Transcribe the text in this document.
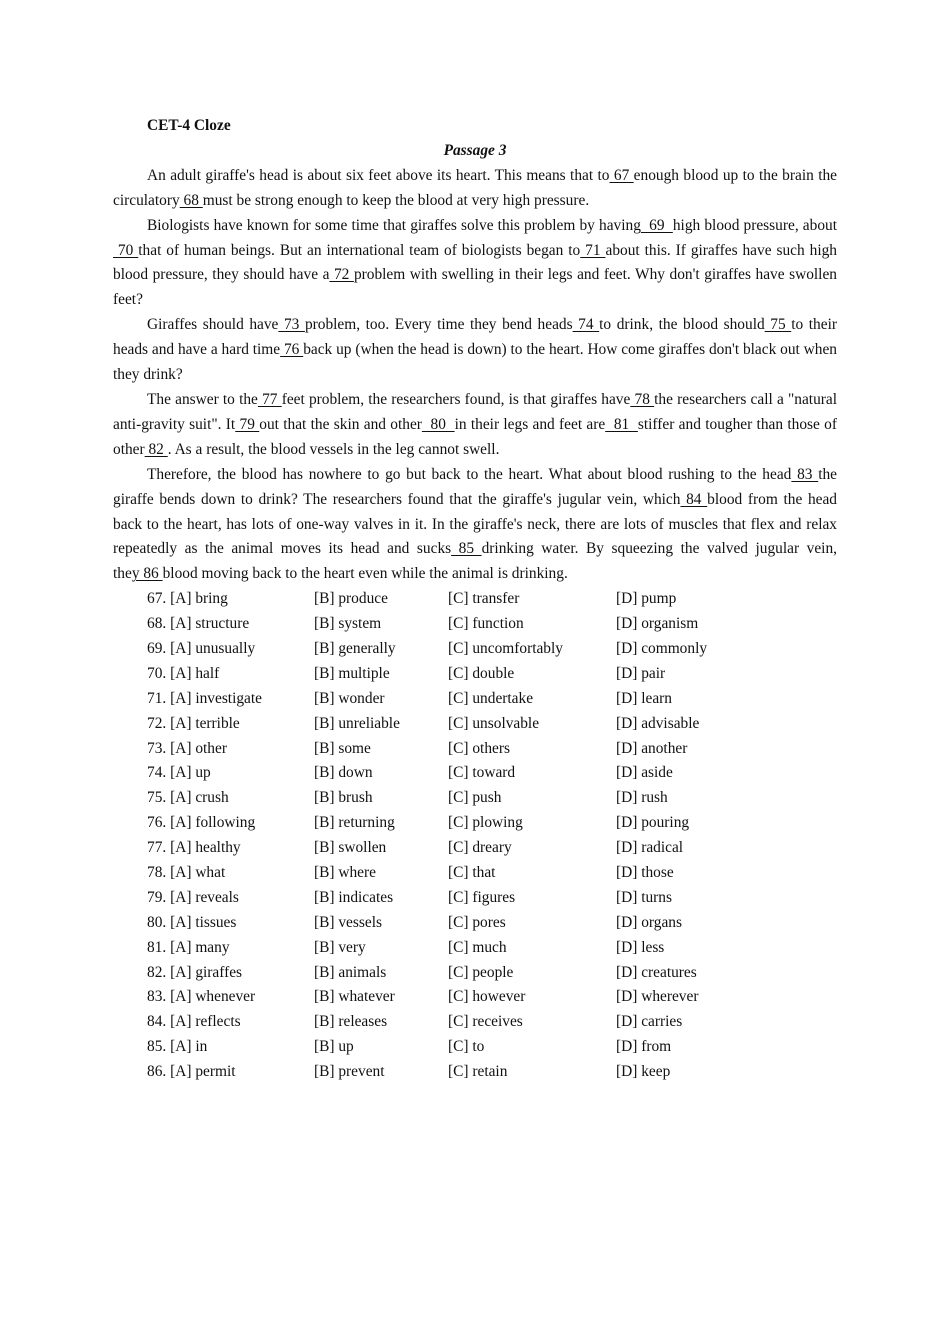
CET-4 Cloze
Passage 3

An adult giraffe's head is about six feet above its heart. This means that to 67 enough blood up to the brain the circulatory 68 must be strong enough to keep the blood at very high pressure.

Biologists have known for some time that giraffes solve this problem by having  69  high blood pressure, about 70 that of human beings. But an international team of biologists began to 71 about this. If giraffes have such high blood pressure, they should have a 72 problem with swelling in their legs and feet. Why don't giraffes have swollen feet?

Giraffes should have 73 problem, too. Every time they bend heads 74 to drink, the blood should 75 to their heads and have a hard time 76 back up (when the head is down) to the heart. How come giraffes don't black out when they drink?

The answer to the 77 feet problem, the researchers found, is that giraffes have 78 the researchers call a "natural anti-gravity suit". It 79 out that the skin and other  80  in their legs and feet are  81  stiffer and tougher than those of other 82 . As a result, the blood vessels in the leg cannot swell.

Therefore, the blood has nowhere to go but back to the heart. What about blood rushing to the head 83 the giraffe bends down to drink? The researchers found that the giraffe's jugular vein, which 84 blood from the head back to the heart, has lots of one-way valves in it. In the giraffe's neck, there are lots of muscles that flex and relax repeatedly as the animal moves its head and sucks 85 drinking water. By squeezing the valved jugular vein, they 86 blood moving back to the heart even while the animal is drinking.

67. [A] bring	[B] produce	[C] transfer	[D] pump
68. [A] structure	[B] system	[C] function	[D] organism
69. [A] unusually	[B] generally	[C] uncomfortably	[D] commonly
70. [A] half	[B] multiple	[C] double	[D] pair
71. [A] investigate	[B] wonder	[C] undertake	[D] learn
72. [A] terrible	[B] unreliable	[C] unsolvable	[D] advisable
73. [A] other	[B] some	[C] others	[D] another
74. [A] up	[B] down	[C] toward	[D] aside
75. [A] crush	[B] brush	[C] push	[D] rush
76. [A] following	[B] returning	[C] plowing	[D] pouring
77. [A] healthy	[B] swollen	[C] dreary	[D] radical
78. [A] what	[B] where	[C] that	[D] those
79. [A] reveals	[B] indicates	[C] figures	[D] turns
80. [A] tissues	[B] vessels	[C] pores	[D] organs
81. [A] many	[B] very	[C] much	[D] less
82. [A] giraffes	[B] animals	[C] people	[D] creatures
83. [A] whenever	[B] whatever	[C] however	[D] wherever
84. [A] reflects	[B] releases	[C] receives	[D] carries
85. [A] in	[B] up	[C] to	[D] from
86. [A] permit	[B] prevent	[C] retain	[D] keep
